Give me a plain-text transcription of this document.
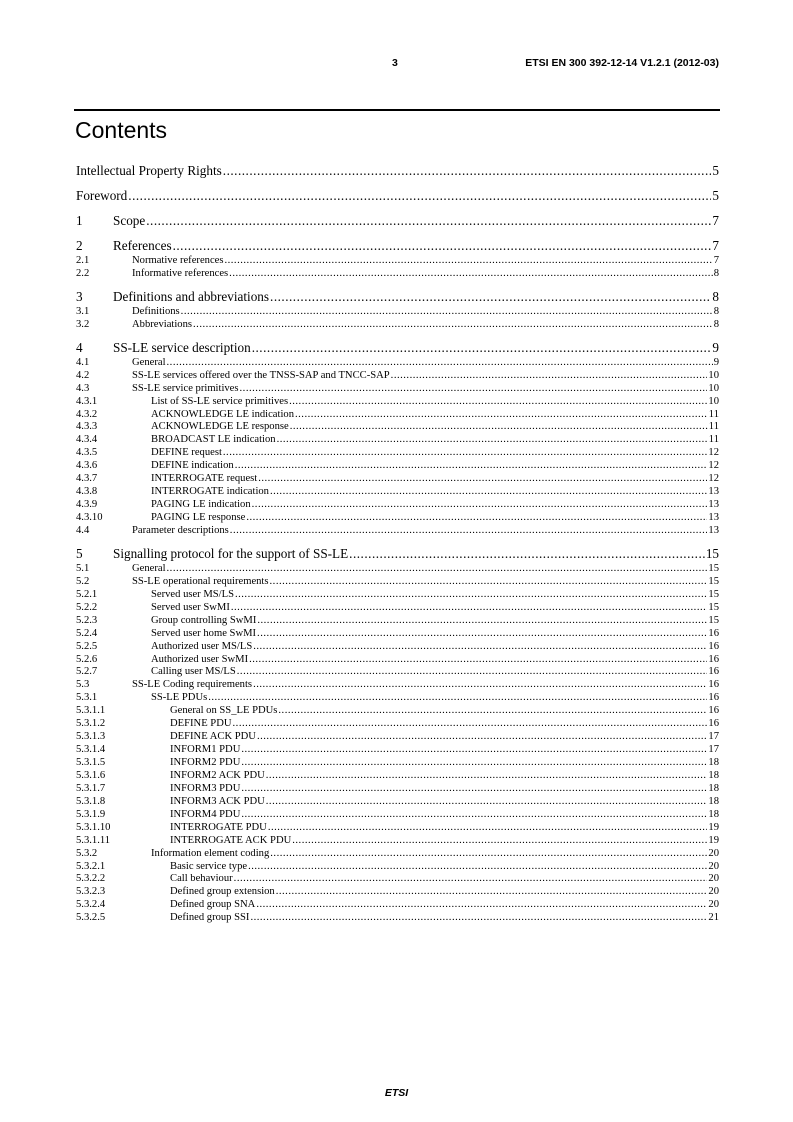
3	ETSI EN 300 392-12-14 V1.2.1 (2012-03)
Contents
Intellectual Property Rights .....	5
Foreword .....	5
1	Scope .....	7
2	References .....	7
2.1	Normative references .....	7
2.2	Informative references .....	8
3	Definitions and abbreviations .....	8
3.1	Definitions .....	8
3.2	Abbreviations .....	8
4	SS-LE service description .....	9
4.1	General .....	9
4.2	SS-LE services offered over the TNSS-SAP and TNCC-SAP .....	10
4.3	SS-LE service primitives .....	10
4.3.1	List of SS-LE service primitives .....	10
4.3.2	ACKNOWLEDGE LE indication .....	11
4.3.3	ACKNOWLEDGE LE response .....	11
4.3.4	BROADCAST LE indication .....	11
4.3.5	DEFINE request .....	12
4.3.6	DEFINE indication .....	12
4.3.7	INTERROGATE request .....	12
4.3.8	INTERROGATE indication .....	13
4.3.9	PAGING LE indication .....	13
4.3.10	PAGING LE response .....	13
4.4	Parameter descriptions .....	13
5	Signalling protocol for the support of SS-LE .....	15
5.1	General .....	15
5.2	SS-LE operational requirements .....	15
5.2.1	Served user MS/LS .....	15
5.2.2	Served user SwMI .....	15
5.2.3	Group controlling SwMI .....	15
5.2.4	Served user home SwMI .....	16
5.2.5	Authorized user MS/LS .....	16
5.2.6	Authorized user SwMI .....	16
5.2.7	Calling user MS/LS .....	16
5.3	SS-LE Coding requirements .....	16
5.3.1	SS-LE PDUs .....	16
5.3.1.1	General on SS_LE PDUs .....	16
5.3.1.2	DEFINE PDU .....	16
5.3.1.3	DEFINE ACK PDU .....	17
5.3.1.4	INFORM1 PDU .....	17
5.3.1.5	INFORM2 PDU .....	18
5.3.1.6	INFORM2 ACK PDU .....	18
5.3.1.7	INFORM3 PDU .....	18
5.3.1.8	INFORM3 ACK PDU .....	18
5.3.1.9	INFORM4 PDU .....	18
5.3.1.10	INTERROGATE PDU .....	19
5.3.1.11	INTERROGATE ACK PDU .....	19
5.3.2	Information element coding .....	20
5.3.2.1	Basic service type .....	20
5.3.2.2	Call behaviour .....	20
5.3.2.3	Defined group extension .....	20
5.3.2.4	Defined group SNA .....	20
5.3.2.5	Defined group SSI .....	21
ETSI
